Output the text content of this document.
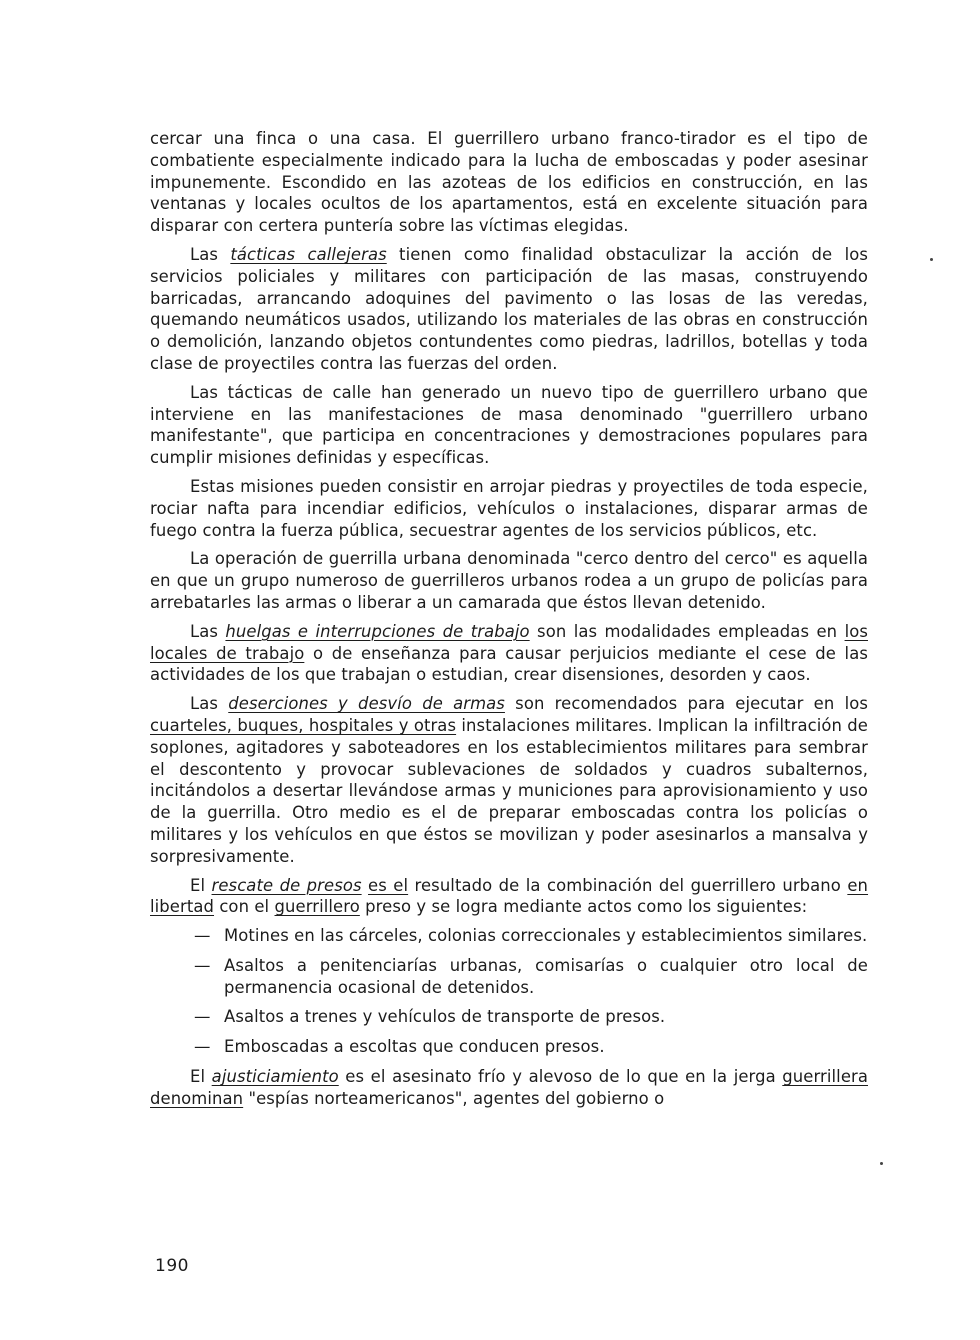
cercar una finca o una casa. El guerrillero urbano franco-tirador es el tipo de combatiente especialmente indicado para la lucha de emboscadas y poder asesinar impunemente. Escondido en las azoteas de los edificios en construcción, en las ventanas y locales ocultos de los apartamentos, está en excelente situación para disparar con certera puntería sobre las víctimas elegidas.

Las tácticas callejeras tienen como finalidad obstaculizar la acción de los servicios policiales y militares con participación de las masas, construyendo barricadas, arrancando adoquines del pavimento o las losas de las veredas, quemando neumáticos usados, utilizando los materiales de las obras en construcción o demolición, lanzando objetos contundentes como piedras, ladrillos, botellas y toda clase de proyectiles contra las fuerzas del orden.

Las tácticas de calle han generado un nuevo tipo de guerrillero urbano que interviene en las manifestaciones de masa denominado "guerrillero urbano manifestante", que participa en concentraciones y demostraciones populares para cumplir misiones definidas y específicas.

Estas misiones pueden consistir en arrojar piedras y proyectiles de toda especie, rociar nafta para incendiar edificios, vehículos o instalaciones, disparar armas de fuego contra la fuerza pública, secuestrar agentes de los servicios públicos, etc.

La operación de guerrilla urbana denominada "cerco dentro del cerco" es aquella en que un grupo numeroso de guerrilleros urbanos rodea a un grupo de policías para arrebatarles las armas o liberar a un camarada que éstos llevan detenido.

Las huelgas e interrupciones de trabajo son las modalidades empleadas en los locales de trabajo o de enseñanza para causar perjuicios mediante el cese de las actividades de los que trabajan o estudian, crear disensiones, desorden y caos.

Las deserciones y desvío de armas son recomendados para ejecutar en los cuarteles, buques, hospitales y otras instalaciones militares. Implican la infiltración de soplones, agitadores y saboteadores en los establecimientos militares para sembrar el descontento y provocar sublevaciones de soldados y cuadros subalternos, incitándolos a desertar llevándose armas y municiones para aprovisionamiento y uso de la guerrilla. Otro medio es el de preparar emboscadas contra los policías o militares y los vehículos en que éstos se movilizan y poder asesinarlos a mansalva y sorpresivamente.

El rescate de presos es el resultado de la combinación del guerrillero urbano en libertad con el guerrillero preso y se logra mediante actos como los siguientes:

— Motines en las cárceles, colonias correccionales y establecimientos similares.
— Asaltos a penitenciarías urbanas, comisarías o cualquier otro local de permanencia ocasional de detenidos.
— Asaltos a trenes y vehículos de transporte de presos.
— Emboscadas a escoltas que conducen presos.

El ajusticiamiento es el asesinato frío y alevoso de lo que en la jerga guerrillera denominan "espías norteamericanos", agentes del gobierno o

190
